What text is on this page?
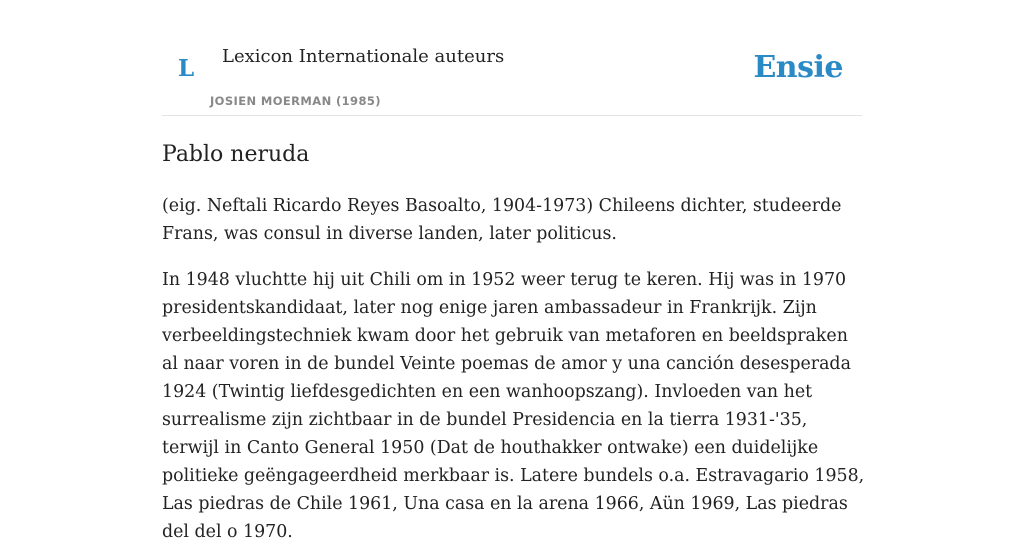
L Lexicon Internationale auteurs
JOSIEN MOERMAN (1985)
Ensie
Pablo neruda

(eig. Neftali Ricardo Reyes Basoalto, 1904-1973) Chileens dichter, studeerde Frans, was consul in diverse landen, later politicus.

In 1948 vluchtte hij uit Chili om in 1952 weer terug te keren. Hij was in 1970 presidentskandidaat, later nog enige jaren ambassadeur in Frankrijk. Zijn verbeeldingstechniek kwam door het gebruik van metaforen en beeldspraken al naar voren in de bundel Veinte poemas de amor y una canción desesperada 1924 (Twintig liefdesgedichten en een wanhoopszang). Invloeden van het surrealisme zijn zichtbaar in de bundel Presidencia en la tierra 1931-'35, terwijl in Canto General 1950 (Dat de houthakker ontwake) een duidelijke politieke geëngageerdheid merkbaar is. Latere bundels o.a. Estravagario 1958, Las piedras de Chile 1961, Una casa en la arena 1966, Aün 1969, Las piedras del del o 1970.
